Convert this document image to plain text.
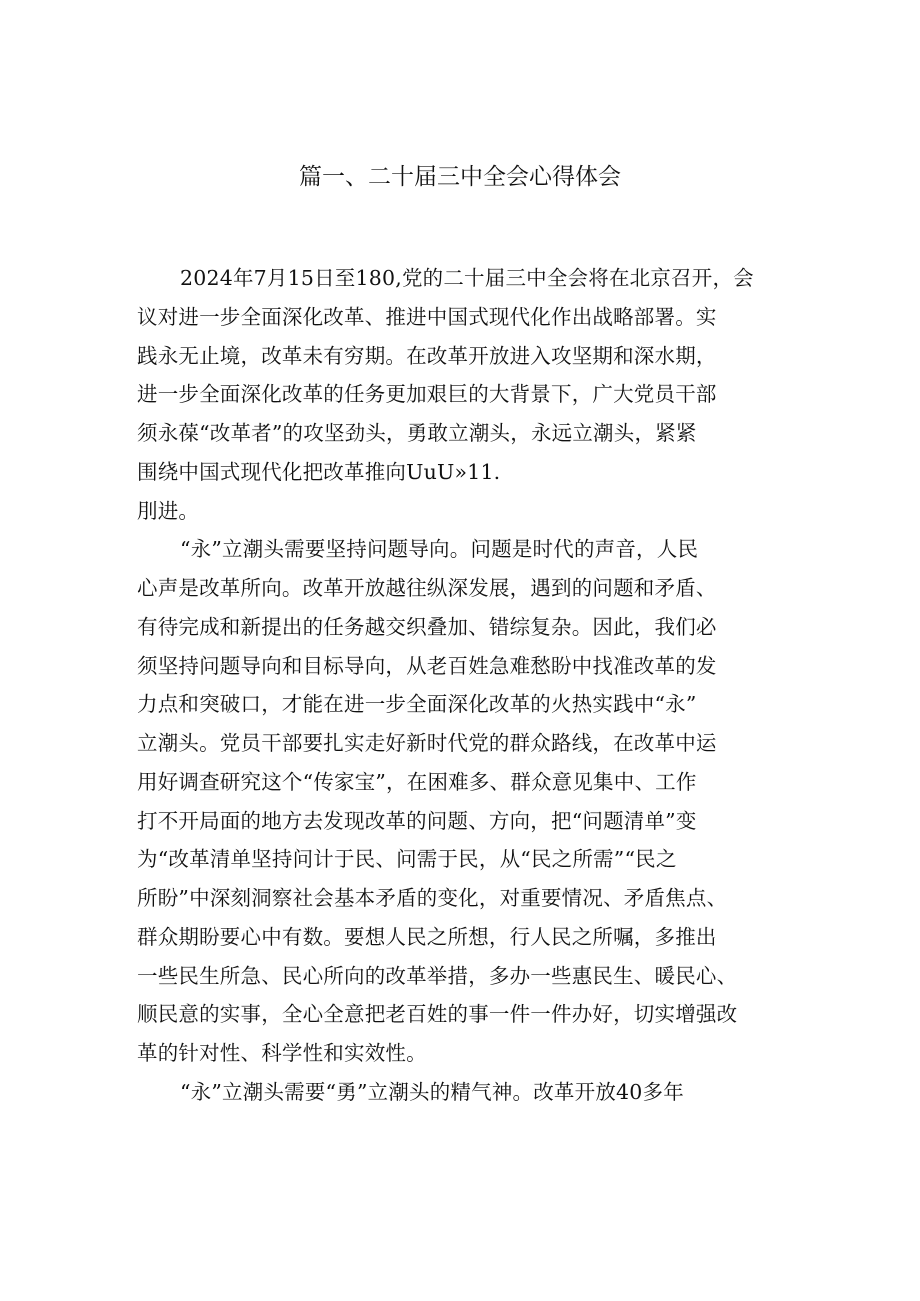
篇一、二十届三中全会心得体会
2024年7月15日至180,党的二十届三中全会将在北京召开，会
议对进一步全面深化改革、推进中国式现代化作出战略部署。实
践永无止境，改革未有穷期。在改革开放进入攻坚期和深水期，
进一步全面深化改革的任务更加艰巨的大背景下，广大党员干部
须永葆“改革者”的攻坚劲头，勇敢立潮头，永远立潮头，紧紧
围绕中国式现代化把改革推向UuU»11.
刖进。
“永”立潮头需要坚持问题导向。问题是时代的声音，人民
心声是改革所向。改革开放越往纵深发展，遇到的问题和矛盾、
有待完成和新提出的任务越交织叠加、错综复杂。因此，我们必
须坚持问题导向和目标导向，从老百姓急难愁盼中找准改革的发
力点和突破口，才能在进一步全面深化改革的火热实践中“永”
立潮头。党员干部要扎实走好新时代党的群众路线，在改革中运
用好调查研究这个“传家宝”，在困难多、群众意见集中、工作
打不开局面的地方去发现改革的问题、方向，把“问题清单”变
为“改革清单坚持问计于民、问需于民，从“民之所需”“民之
所盼”中深刻洞察社会基本矛盾的变化，对重要情况、矛盾焦点、
群众期盼要心中有数。要想人民之所想，行人民之所嘱，多推出
一些民生所急、民心所向的改革举措，多办一些惠民生、暖民心、
顺民意的实事，全心全意把老百姓的事一件一件办好，切实增强改
革的针对性、科学性和实效性。
“永”立潮头需要“勇”立潮头的精气神。改革开放40多年
